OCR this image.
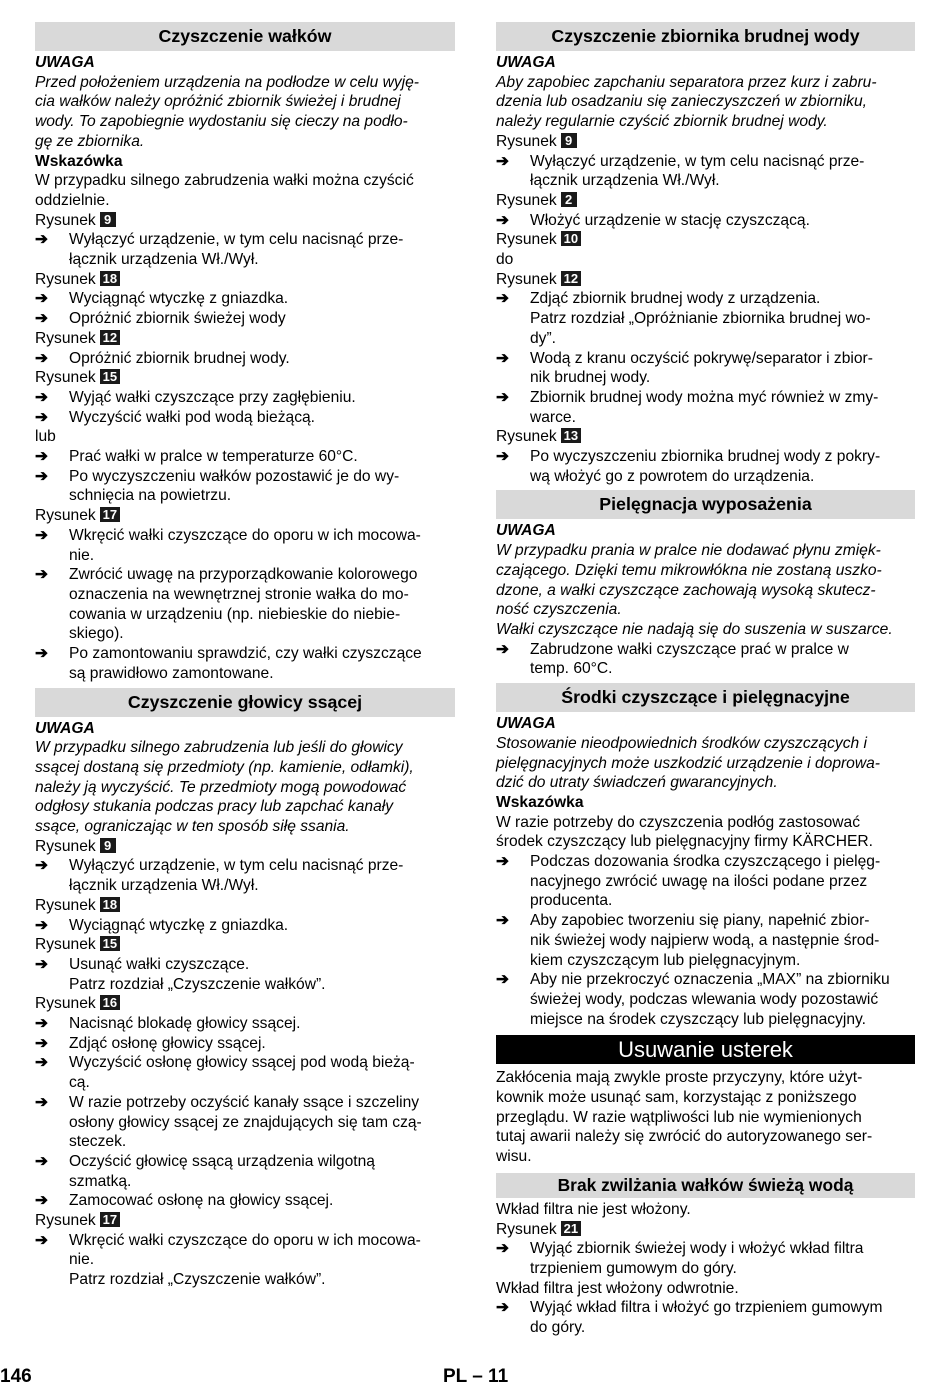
Czyszczenie wałków
UWAGA
Przed położeniem urządzenia na podłodze w celu wyję-
cia wałków należy opróżnić zbiornik świeżej i brudnej
wody. To zapobiegnie wydostaniu się cieczy na podło-
gę ze zbiornika.
Wskazówka
W przypadku silnego zabrudzenia wałki można czyścić
oddzielnie.
Rysunek 9
➔	Wyłączyć urządzenie, w tym celu nacisnąć prze-
łącznik urządzenia Wł./Wył.
Rysunek 18
➔	Wyciągnąć wtyczkę z gniazdka.
➔	Opróżnić zbiornik świeżej wody
Rysunek 12
➔	Opróżnić zbiornik brudnej wody.
Rysunek 15
➔	Wyjąć wałki czyszczące przy zagłębieniu.
➔	Wyczyścić wałki pod wodą bieżącą.
lub
➔	Prać wałki w pralce w temperaturze 60°C.
➔	Po wyczyszczeniu wałków pozostawić je do wy-
schnięcia na powietrzu.
Rysunek 17
➔	Wkręcić wałki czyszczące do oporu w ich mocowa-
nie.
➔	Zwrócić uwagę na przyporządkowanie kolorowego
oznaczenia na wewnętrznej stronie wałka do mo-
cowania w urządzeniu (np. niebieskie do niebie-
skiego).
➔	Po zamontowaniu sprawdzić, czy wałki czyszczące
są prawidłowo zamontowane.
Czyszczenie głowicy ssącej
UWAGA
W przypadku silnego zabrudzenia lub jeśli do głowicy
ssącej dostaną się przedmioty (np. kamienie, odłamki),
należy ją wyczyścić. Te przedmioty mogą powodować
odgłosy stukania podczas pracy lub zapchać kanały
ssące, ograniczając w ten sposób siłę ssania.
Rysunek 9
➔	Wyłączyć urządzenie, w tym celu nacisnąć prze-
łącznik urządzenia Wł./Wył.
Rysunek 18
➔	Wyciągnąć wtyczkę z gniazdka.
Rysunek 15
➔	Usunąć wałki czyszczące.
Patrz rozdział „Czyszczenie wałków”.
Rysunek 16
➔	Nacisnąć blokadę głowicy ssącej.
➔	Zdjąć osłonę głowicy ssącej.
➔	Wyczyścić osłonę głowicy ssącej pod wodą bieżą-
cą.
➔	W razie potrzeby oczyścić kanały ssące i szczeliny
osłony głowicy ssącej ze znajdujących się tam czą-
steczek.
➔	Oczyścić głowicę ssącą urządzenia wilgotną
szmatką.
➔	Zamocować osłonę na głowicy ssącej.
Rysunek 17
➔	Wkręcić wałki czyszczące do oporu w ich mocowa-
nie.
Patrz rozdział „Czyszczenie wałków”.
Czyszczenie zbiornika brudnej wody
UWAGA
Aby zapobiec zapchaniu separatora przez kurz i zabru-
dzenia lub osadzaniu się zanieczyszczeń w zbiorniku,
należy regularnie czyścić zbiornik brudnej wody.
Rysunek 9
➔	Wyłączyć urządzenie, w tym celu nacisnąć prze-
łącznik urządzenia Wł./Wył.
Rysunek 2
➔	Włożyć urządzenie w stację czyszczącą.
Rysunek 10
do
Rysunek 12
➔	Zdjąć zbiornik brudnej wody z urządzenia.
Patrz rozdział „Opróżnianie zbiornika brudnej wo-
dy”.
➔	Wodą z kranu oczyścić pokrywę/separator i zbior-
nik brudnej wody.
➔	Zbiornik brudnej wody można myć również w zmy-
warce.
Rysunek 13
➔	Po wyczyszczeniu zbiornika brudnej wody z pokry-
wą włożyć go z powrotem do urządzenia.
Pielęgnacja wyposażenia
UWAGA
W przypadku prania w pralce nie dodawać płynu zmięk-
czającego. Dzięki temu mikrowłókna nie zostaną uszko-
dzone, a wałki czyszczące zachowają wysoką skutecz-
ność czyszczenia.
Wałki czyszczące nie nadają się do suszenia w suszarce.
➔	Zabrudzone wałki czyszczące prać w pralce w
temp. 60°C.
Środki czyszczące i pielęgnacyjne
UWAGA
Stosowanie nieodpowiednich środków czyszczących i
pielęgnacyjnych może uszkodzić urządzenie i doprowa-
dzić do utraty świadczeń gwarancyjnych.
Wskazówka
W razie potrzeby do czyszczenia podłóg zastosować
środek czyszczący lub pielęgnacyjny firmy KÄRCHER.
➔	Podczas dozowania środka czyszczącego i pielęg-
nacyjnego zwrócić uwagę na ilości podane przez
producenta.
➔	Aby zapobiec tworzeniu się piany, napełnić zbior-
nik świeżej wody najpierw wodą, a następnie środ-
kiem czyszczącym lub pielęgnacyjnym.
➔	Aby nie przekroczyć oznaczenia „MAX” na zbiorniku
świeżej wody, podczas wlewania wody pozostawić
miejsce na środek czyszczący lub pielęgnacyjny.
Usuwanie usterek
Zakłócenia mają zwykle proste przyczyny, które użyt-
kownik może usunąć sam, korzystając z poniższego
przeglądu. W razie wątpliwości lub nie wymienionych
tutaj awarii należy się zwrócić do autoryzowanego ser-
wisu.
Brak zwilżania wałków świeżą wodą
Wkład filtra nie jest włożony.
Rysunek 21
➔	Wyjąć zbiornik świeżej wody i włożyć wkład filtra
trzpieniem gumowym do góry.
Wkład filtra jest włożony odwrotnie.
➔	Wyjąć wkład filtra i włożyć go trzpieniem gumowym
do góry.
146	PL – 11
